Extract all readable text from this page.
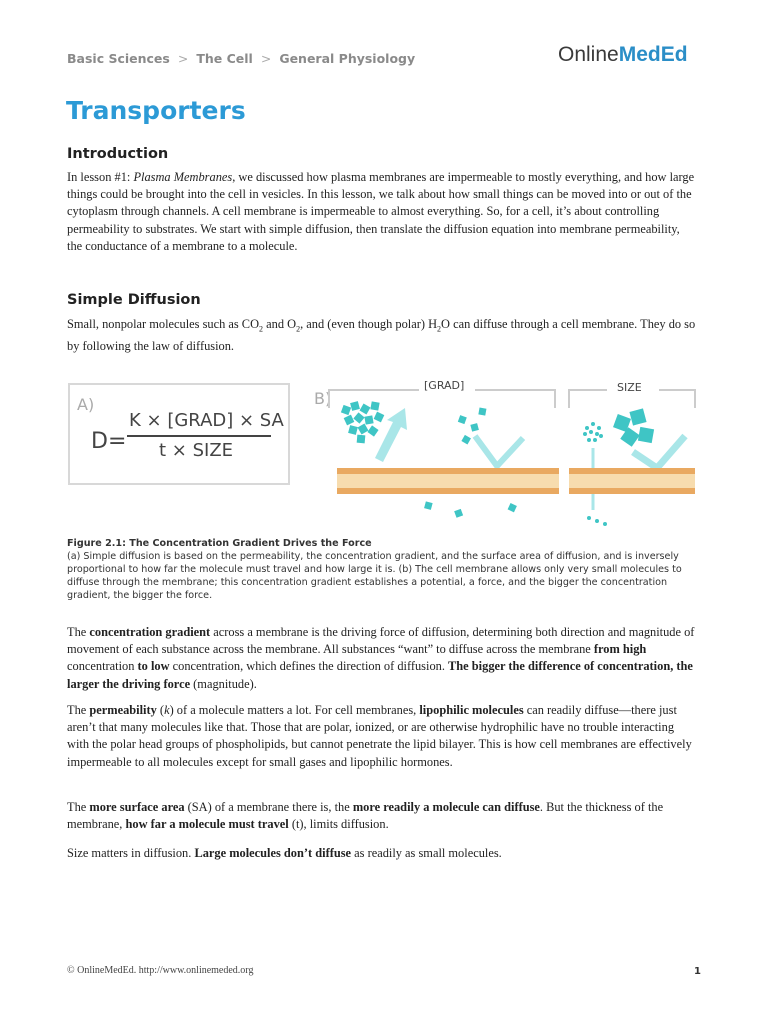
Basic Sciences > The Cell > General Physiology	OnlineMedEd
Transporters
Introduction

In lesson #1: Plasma Membranes, we discussed how plasma membranes are impermeable to mostly everything, and how large things could be brought into the cell in vesicles. In this lesson, we talk about how small things can be moved into or out of the cytoplasm through channels. A cell membrane is impermeable to almost everything. So, for a cell, it’s about controlling permeability to substrates. We start with simple diffusion, then translate the diffusion equation into membrane permeability, the conductance of a membrane to a molecule.

Simple Diffusion

Small, nonpolar molecules such as $CO_2$ and $O_2$, and (even though polar) $H_2O$ can diffuse through a cell membrane. They do so by following the law of diffusion.

A)
D=
K × [GRAD] × SA
t × SIZE
B)
[GRAD]	SIZE
Figure 2.1: The Concentration Gradient Drives the Force
(a) Simple diffusion is based on the permeability, the concentration gradient, and the surface area of diffusion, and is inversely proportional to how far the molecule must travel and how large it is. (b) The cell membrane allows only very small molecules to diffuse through the membrane; this concentration gradient establishes a potential, a force, and the bigger the concentration gradient, the bigger the force.

The concentration gradient across a membrane is the driving force of diffusion, determining both direction and magnitude of movement of each substance across the membrane. All substances “want” to diffuse across the membrane from high concentration to low concentration, which defines the direction of diffusion. The bigger the difference of concentration, the larger the driving force (magnitude).

The permeability (k) of a molecule matters a lot. For cell membranes, lipophilic molecules can readily diffuse—there just aren’t that many molecules like that. Those that are polar, ionized, or are otherwise hydrophilic have no trouble interacting with the polar head groups of phospholipids, but cannot penetrate the lipid bilayer. This is how cell membranes are effectively impermeable to all molecules except for small gases and lipophilic hormones.

The more surface area (SA) of a membrane there is, the more readily a molecule can diffuse. But the thickness of the membrane, how far a molecule must travel (t), limits diffusion.

Size matters in diffusion. Large molecules don’t diffuse as readily as small molecules.

© OnlineMedEd. http://www.onlinemeded.org	1
